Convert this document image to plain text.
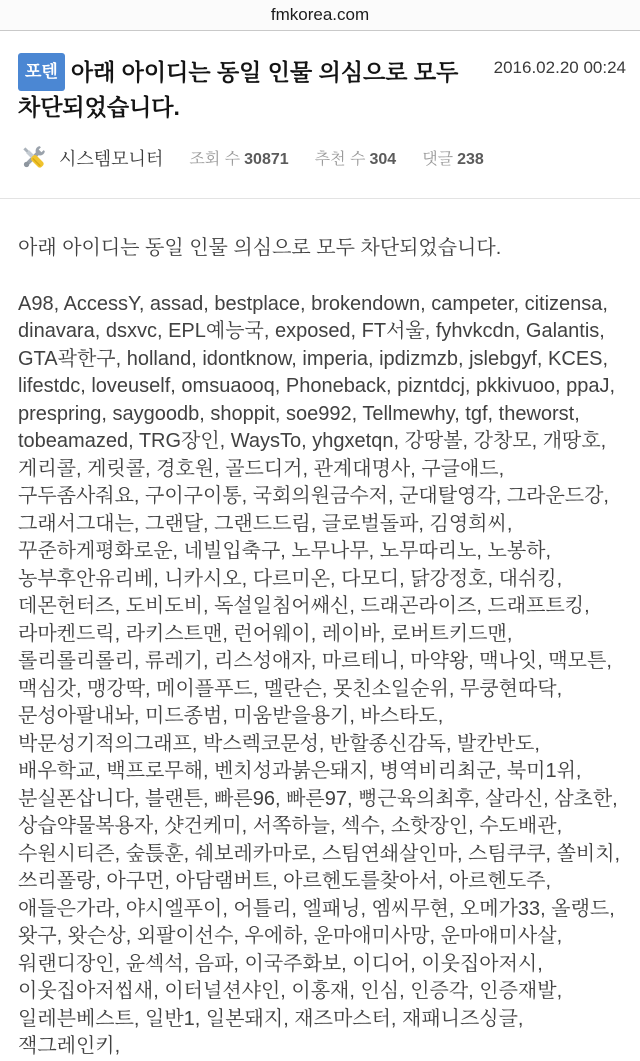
fmkorea.com
포텐 아래 아이디는 동일 인물 의심으로 모두 차단되었습니다.
2016.02.20 00:24
시스템모니터 조회 수 30871 추천 수 304 댓글 238

아래 아이디는 동일 인물 의심으로 모두 차단되었습니다.

A98, AccessY, assad, bestplace, brokendown, campeter, citizensa, dinavara, dsxvc, EPL예능국, exposed, FT서울, fyhvkcdn, Galantis, GTA곽한구, holland, idontknow, imperia, ipdizmzb, jslebgyf, KCES, lifestdc, loveuself, omsuaooq, Phoneback, pizntdcj, pkkivuoo, ppaJ, prespring, saygoodb, shoppit, soe992, Tellmewhy, tgf, theworst, tobeamazed, TRG장인, WaysTo, yhgxetqn, 강땅볼, 강창모, 개땅호, 게리콜, 게릿콜, 경호원, 골드디거, 관계대명사, 구글애드, 구두좀사줘요, 구이구이통, 국회의원금수저, 군대탈영각, 그라운드강, 그래서그대는, 그랜달, 그랜드드림, 글로벌돌파, 김영희씨, 꾸준하게평화로운, 네빌입축구, 노무나무, 노무따리노, 노봉하, 농부후안유리베, 니카시오, 다르미온, 다모디, 닭강정호, 대쉬킹, 데몬헌터즈, 도비도비, 독설일침어쌔신, 드래곤라이즈, 드래프트킹, 라마켄드릭, 라키스트맨, 런어웨이, 레이바, 로버트키드맨, 롤리롤리롤리, 류레기, 리스성애자, 마르테니, 마약왕, 맥나잇, 맥모튼, 맥심갓, 맹강딱, 메이플푸드, 멜란슨, 못친소일순위, 무쿵현따닥, 문성아팔내놔, 미드종범, 미움받을용기, 바스타도, 박문성기적의그래프, 박스렉코문성, 반할종신감독, 발칸반도, 배우학교, 백프로무해, 벤치성과붉은돼지, 병역비리최군, 북미1위, 분실폰삽니다, 블랜튼, 빠른96, 빠른97, 뻥근육의최후, 살라신, 삼초한, 상습약물복용자, 샷건케미, 서쪽하늘, 섹수, 소핫장인, 수도배관, 수원시티즌, 숲튽훈, 쉐보레카마로, 스팀연쇄살인마, 스팀쿠쿠, 쏠비치, 쓰리폴랑, 아구먼, 아담램버트, 아르헨도를찾아서, 아르헨도주, 애들은가라, 야시엘푸이, 어틀리, 엘패닝, 엠씨무현, 오메가33, 올랭드, 왓구, 왓슨상, 외팔이선수, 우에하, 운마애미사망, 운마애미사살, 워랜디장인, 윤섹석, 음파, 이국주화보, 이디어, 이웃집아저시, 이웃집아저씹새, 이터널션샤인, 이홍재, 인심, 인증각, 인증재발, 일레븐베스트, 일반1, 일본돼지, 재즈마스터, 재패니즈싱글, 잭그레인키,
